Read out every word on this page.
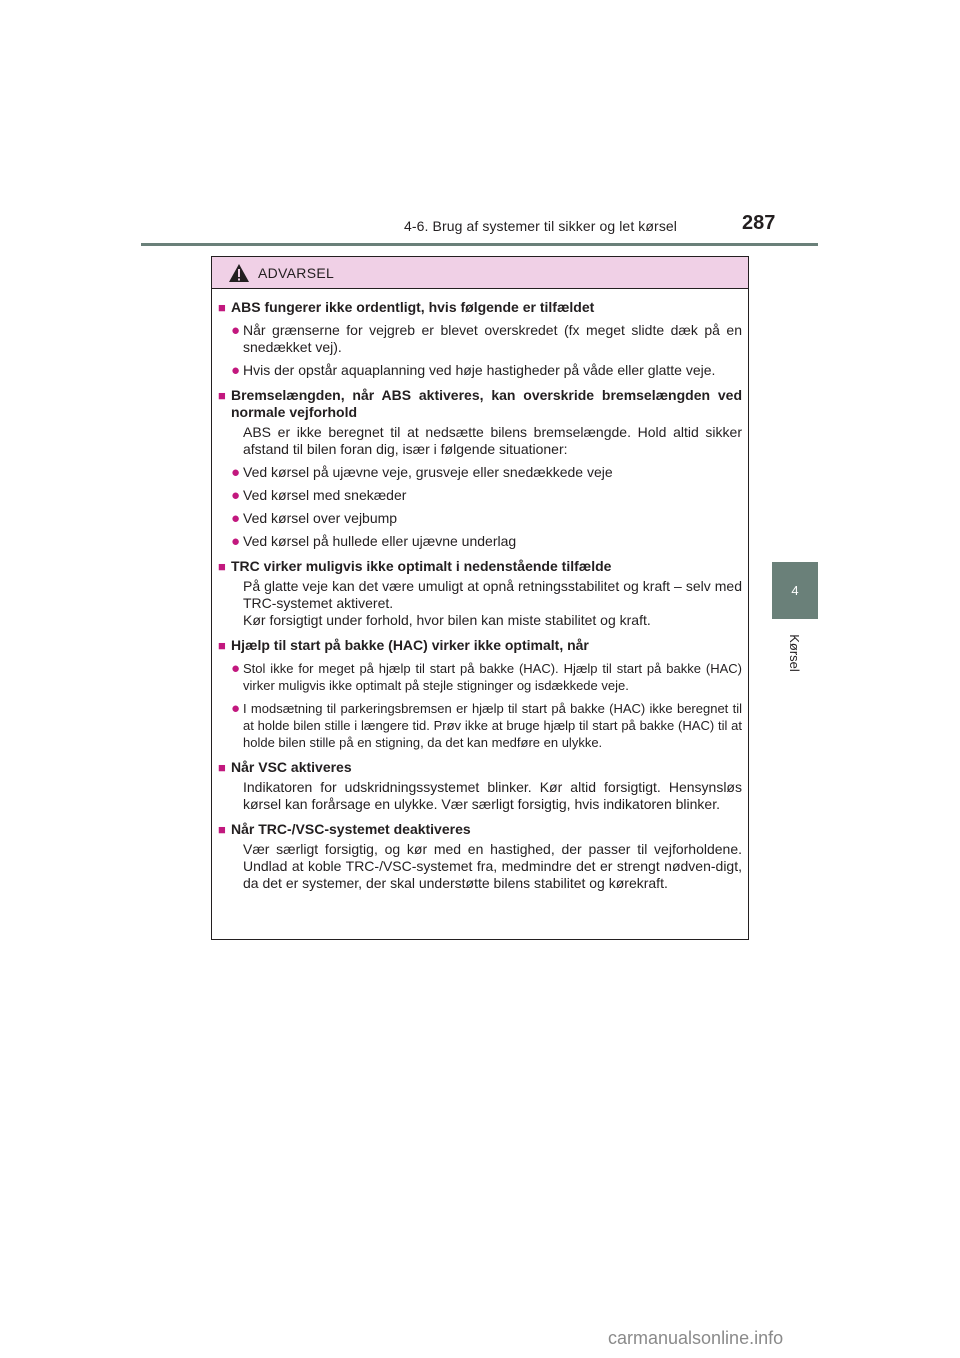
4-6. Brug af systemer til sikker og let kørsel	287
4
Kørsel
ADVARSEL
■ ABS fungerer ikke ordentligt, hvis følgende er tilfældet
● Når grænserne for vejgreb er blevet overskredet (fx meget slidte dæk på en snedækket vej).
● Hvis der opstår aquaplanning ved høje hastigheder på våde eller glatte veje.
■ Bremselængden, når ABS aktiveres, kan overskride bremselængden ved normale vejforhold
ABS er ikke beregnet til at nedsætte bilens bremselængde. Hold altid sikker afstand til bilen foran dig, især i følgende situationer:
● Ved kørsel på ujævne veje, grusveje eller snedækkede veje
● Ved kørsel med snekæder
● Ved kørsel over vejbump
● Ved kørsel på hullede eller ujævne underlag
■ TRC virker muligvis ikke optimalt i nedenstående tilfælde
På glatte veje kan det være umuligt at opnå retningsstabilitet og kraft – selv med TRC-systemet aktiveret.
Kør forsigtigt under forhold, hvor bilen kan miste stabilitet og kraft.
■ Hjælp til start på bakke (HAC) virker ikke optimalt, når
● Stol ikke for meget på hjælp til start på bakke (HAC). Hjælp til start på bakke (HAC) virker muligvis ikke optimalt på stejle stigninger og isdækkede veje.
● I modsætning til parkeringsbremsen er hjælp til start på bakke (HAC) ikke beregnet til at holde bilen stille i længere tid. Prøv ikke at bruge hjælp til start på bakke (HAC) til at holde bilen stille på en stigning, da det kan medføre en ulykke.
■ Når VSC aktiveres
Indikatoren for udskridningssystemet blinker. Kør altid forsigtigt. Hensynsløs kørsel kan forårsage en ulykke. Vær særligt forsigtig, hvis indikatoren blinker.
■ Når TRC-/VSC-systemet deaktiveres
Vær særligt forsigtig, og kør med en hastighed, der passer til vejforholdene. Undlad at koble TRC-/VSC-systemet fra, medmindre det er strengt nødven-digt, da det er systemer, der skal understøtte bilens stabilitet og kørekraft.
carmanualsonline.info
